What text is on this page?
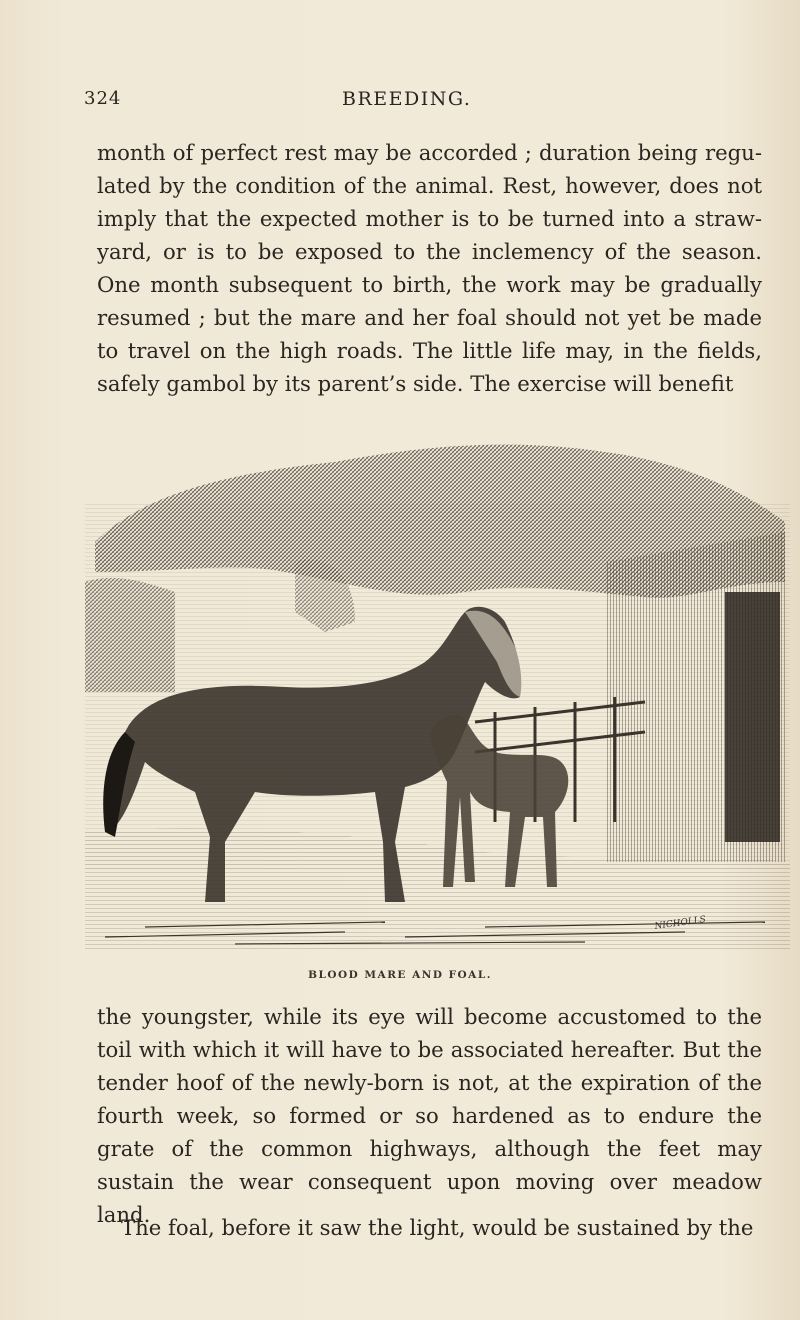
324	BREEDING.

month of perfect rest may be accorded ; duration being regu-lated by the condition of the animal. Rest, however, does not imply that the expected mother is to be turned into a straw-yard, or is to be exposed to the inclemency of the season. One month subsequent to birth, the work may be gradually resumed ; but the mare and her foal should not yet be made to travel on the high roads. The little life may, in the fields, safely gambol by its parent’s side. The exercise will benefit

NICHOLLS
BLOOD MARE AND FOAL.

the youngster, while its eye will become accustomed to the toil with which it will have to be associated hereafter. But the tender hoof of the newly-born is not, at the expiration of the fourth week, so formed or so hardened as to endure the grate of the common highways, although the feet may sustain the wear consequent upon moving over meadow land.

The foal, before it saw the light, would be sustained by the
